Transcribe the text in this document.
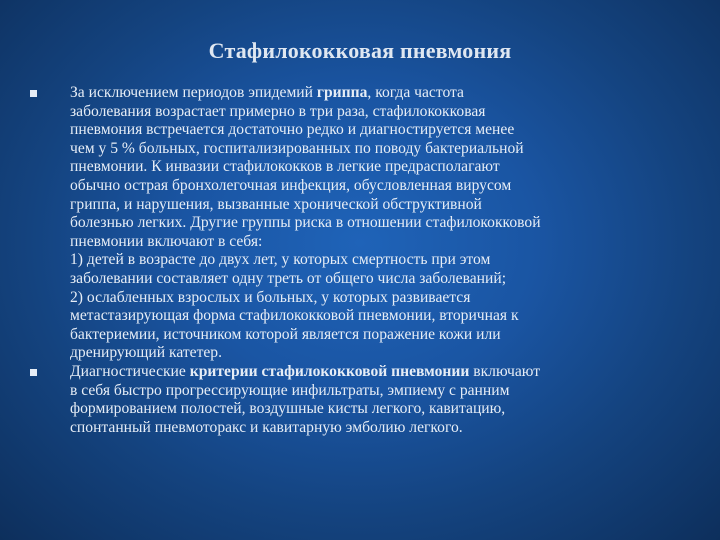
Стафилококковая пневмония
За исключением периодов эпидемий гриппа, когда частота
заболевания возрастает примерно в три раза, стафилококковая
пневмония встречается достаточно редко и диагностируется менее
чем у 5 % больных, госпитализированных по поводу бактериальной
пневмонии. К инвазии стафилококков в легкие предрасполагают
обычно острая бронхолегочная инфекция, обусловленная вирусом
гриппа, и нарушения, вызванные хронической обструктивной
болезнью легких. Другие группы риска в отношении стафилококковой
пневмонии включают в себя:
1) детей в возрасте до двух лет, у которых смертность при этом
заболевании составляет одну треть от общего числа заболеваний;
2) ослабленных взрослых и больных, у которых развивается
метастазирующая форма стафилококковой пневмонии, вторичная к
бактериемии, источником которой является поражение кожи или
дренирующий катетер.
Диагностические критерии стафилококковой пневмонии включают
в себя быстро прогрессирующие инфильтраты, эмпиему с ранним
формированием полостей, воздушные кисты легкого, кавитацию,
спонтанный пневмоторакс и кавитарную эмболию легкого.
